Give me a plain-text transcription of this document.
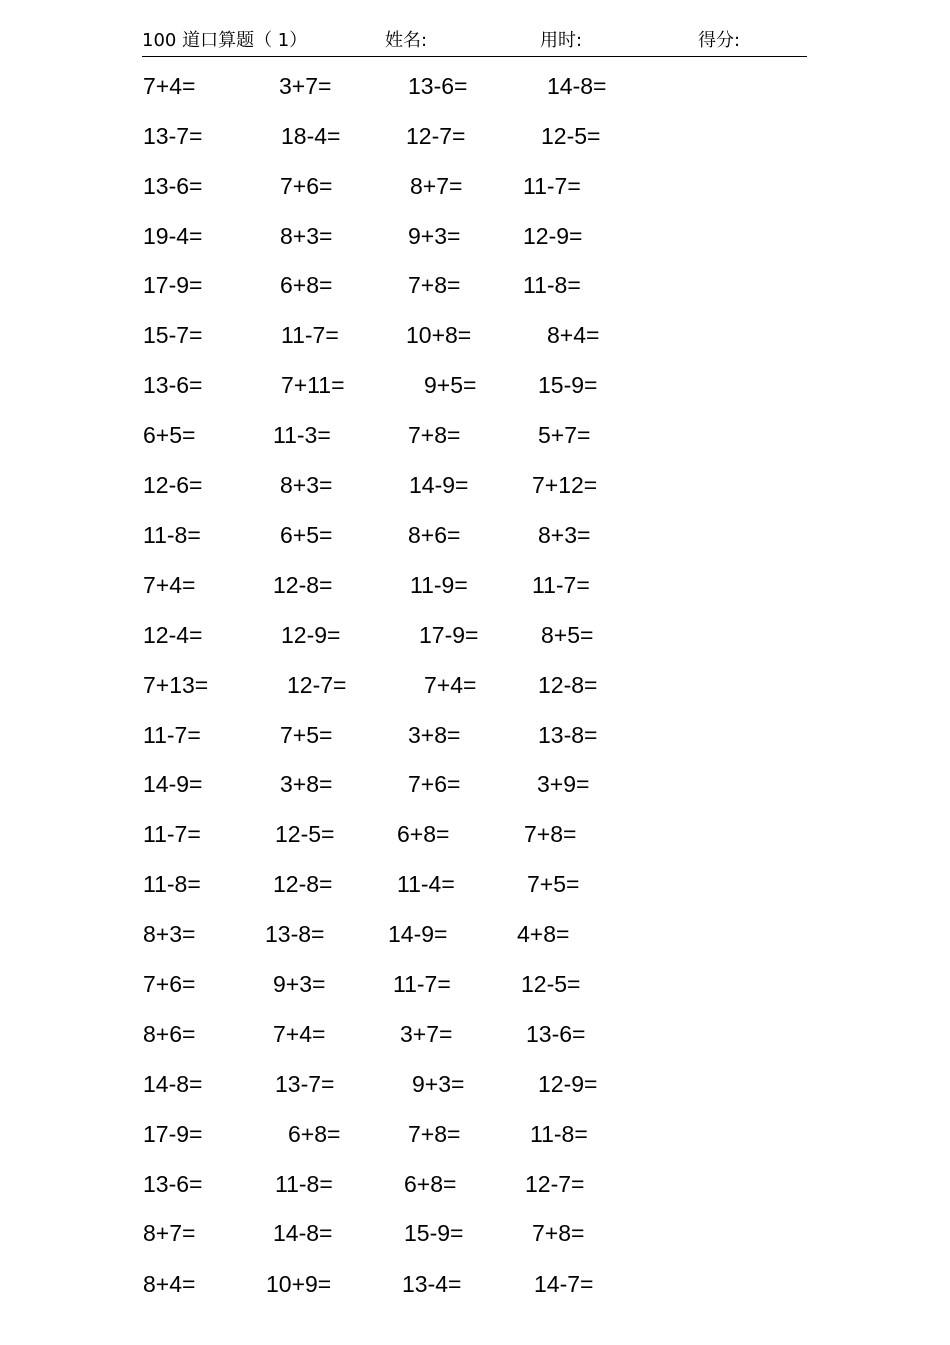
100 道口算题（ 1）	姓名:	用时:	得分:
7+4=	3+7=	13-6=	14-8=
13-7=	18-4=	12-7=	12-5=
13-6=	7+6=	8+7=	11-7=
19-4=	8+3=	9+3=	12-9=
17-9=	6+8=	7+8=	11-8=
15-7=	11-7=	10+8=	8+4=
13-6=	7+11=	9+5=	15-9=
6+5=	11-3=	7+8=	5+7=
12-6=	8+3=	14-9=	7+12=
11-8=	6+5=	8+6=	8+3=
7+4=	12-8=	11-9=	11-7=
12-4=	12-9=	17-9=	8+5=
7+13=	12-7=	7+4=	12-8=
11-7=	7+5=	3+8=	13-8=
14-9=	3+8=	7+6=	3+9=
11-7=	12-5=	6+8=	7+8=
11-8=	12-8=	11-4=	7+5=
8+3=	13-8=	14-9=	4+8=
7+6=	9+3=	11-7=	12-5=
8+6=	7+4=	3+7=	13-6=
14-8=	13-7=	9+3=	12-9=
17-9=	6+8=	7+8=	11-8=
13-6=	11-8=	6+8=	12-7=
8+7=	14-8=	15-9=	7+8=
8+4=	10+9=	13-4=	14-7=
